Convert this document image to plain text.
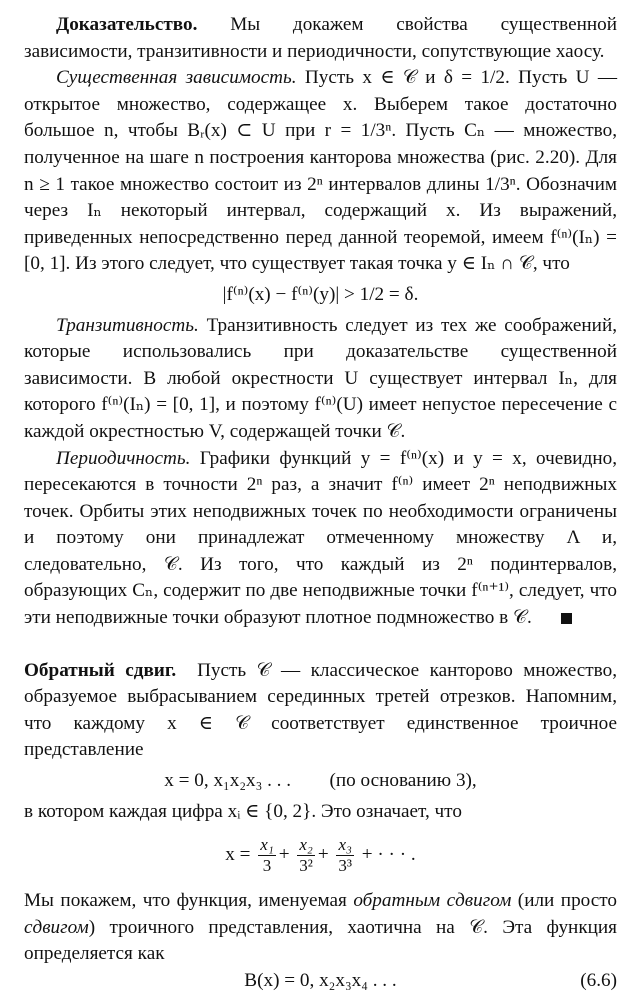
Доказательство. Мы докажем свойства существенной зависимости, транзитивности и периодичности, сопутствующие хаосу.

Существенная зависимость. Пусть x ∈ 𝒞 и δ = 1/2. Пусть U — открытое множество, содержащее x. Выберем такое достаточно большое n, чтобы Bᵣ(x) ⊂ U при r = 1/3ⁿ. Пусть Cₙ — множество, полученное на шаге n построения канторова множества (рис. 2.20). Для n ≥ 1 такое множество состоит из 2ⁿ интервалов длины 1/3ⁿ. Обозначим через Iₙ некоторый интервал, содержащий x. Из выражений, приведенных непосредственно перед данной теоремой, имеем f⁽ⁿ⁾(Iₙ) = [0, 1]. Из этого следует, что существует такая точка y ∈ Iₙ ∩ 𝒞, что

|f⁽ⁿ⁾(x) − f⁽ⁿ⁾(y)| > 1/2 = δ.

Транзитивность. Транзитивность следует из тех же соображений, которые использовались при доказательстве существенной зависимости. В любой окрестности U существует интервал Iₙ, для которого f⁽ⁿ⁾(Iₙ) = [0, 1], и поэтому f⁽ⁿ⁾(U) имеет непустое пересечение с каждой окрестностью V, содержащей точки 𝒞.

Периодичность. Графики функций y = f⁽ⁿ⁾(x) и y = x, очевидно, пересекаются в точности 2ⁿ раз, а значит f⁽ⁿ⁾ имеет 2ⁿ неподвижных точек. Орбиты этих неподвижных точек по необходимости ограничены и поэтому они принадлежат отмеченному множеству Λ и, следовательно, 𝒞. Из того, что каждый из 2ⁿ подинтервалов, образующих Cₙ, содержит по две неподвижные точки f⁽ⁿ⁺¹⁾, следует, что эти неподвижные точки образуют плотное подмножество в 𝒞.

Обратный сдвиг. Пусть 𝒞 — классическое канторово множество, образуемое выбрасыванием серединных третей отрезков. Напомним, что каждому x ∈ 𝒞 соответствует единственное троичное представление

x = 0, x₁x₂x₃ . . . (по основанию 3),

в котором каждая цифра xᵢ ∈ {0, 2}. Это означает, что

$x = \frac{\text{x₁}}{3} + \frac{\text{x₂}}{\text{3²}} + \frac{\text{x₃}}{\text{3³}}$ + · · · .

Мы покажем, что функция, именуемая обратным сдвигом (или просто сдвигом) троичного представления, хаотична на 𝒞. Эта функция определяется как

B(x) = 0, x₂x₃x₄ . . .	(6.6)
